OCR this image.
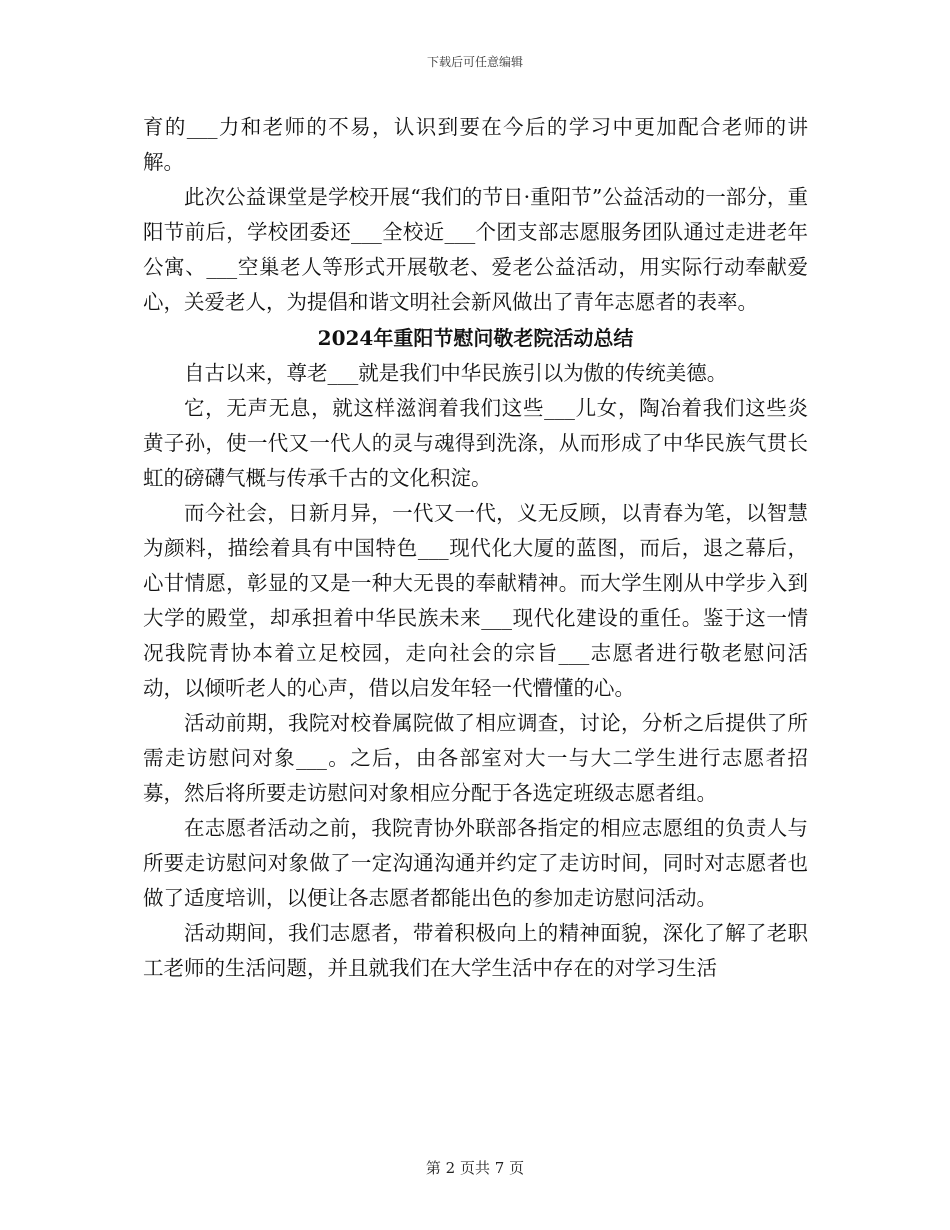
下载后可任意编辑

育的___力和老师的不易，认识到要在今后的学习中更加配合老师的讲解。

此次公益课堂是学校开展“我们的节日·重阳节”公益活动的一部分，重阳节前后，学校团委还___全校近___个团支部志愿服务团队通过走进老年公寓、___空巢老人等形式开展敬老、爱老公益活动，用实际行动奉献爱心，关爱老人，为提倡和谐文明社会新风做出了青年志愿者的表率。

2024年重阳节慰问敬老院活动总结

自古以来，尊老___就是我们中华民族引以为傲的传统美德。

它，无声无息，就这样滋润着我们这些___儿女，陶冶着我们这些炎黄子孙，使一代又一代人的灵与魂得到洗涤，从而形成了中华民族气贯长虹的磅礴气概与传承千古的文化积淀。

而今社会，日新月异，一代又一代，义无反顾，以青春为笔，以智慧为颜料，描绘着具有中国特色___现代化大厦的蓝图，而后，退之幕后，心甘情愿，彰显的又是一种大无畏的奉献精神。而大学生刚从中学步入到大学的殿堂，却承担着中华民族未来___现代化建设的重任。鉴于这一情况我院青协本着立足校园，走向社会的宗旨___志愿者进行敬老慰问活动，以倾听老人的心声，借以启发年轻一代懵懂的心。

活动前期，我院对校眷属院做了相应调查，讨论，分析之后提供了所需走访慰问对象___。之后，由各部室对大一与大二学生进行志愿者招募，然后将所要走访慰问对象相应分配于各选定班级志愿者组。

在志愿者活动之前，我院青协外联部各指定的相应志愿组的负责人与所要走访慰问对象做了一定沟通沟通并约定了走访时间，同时对志愿者也做了适度培训，以便让各志愿者都能出色的参加走访慰问活动。

活动期间，我们志愿者，带着积极向上的精神面貌，深化了解了老职工老师的生活问题，并且就我们在大学生活中存在的对学习生活

第 2 页共 7 页
